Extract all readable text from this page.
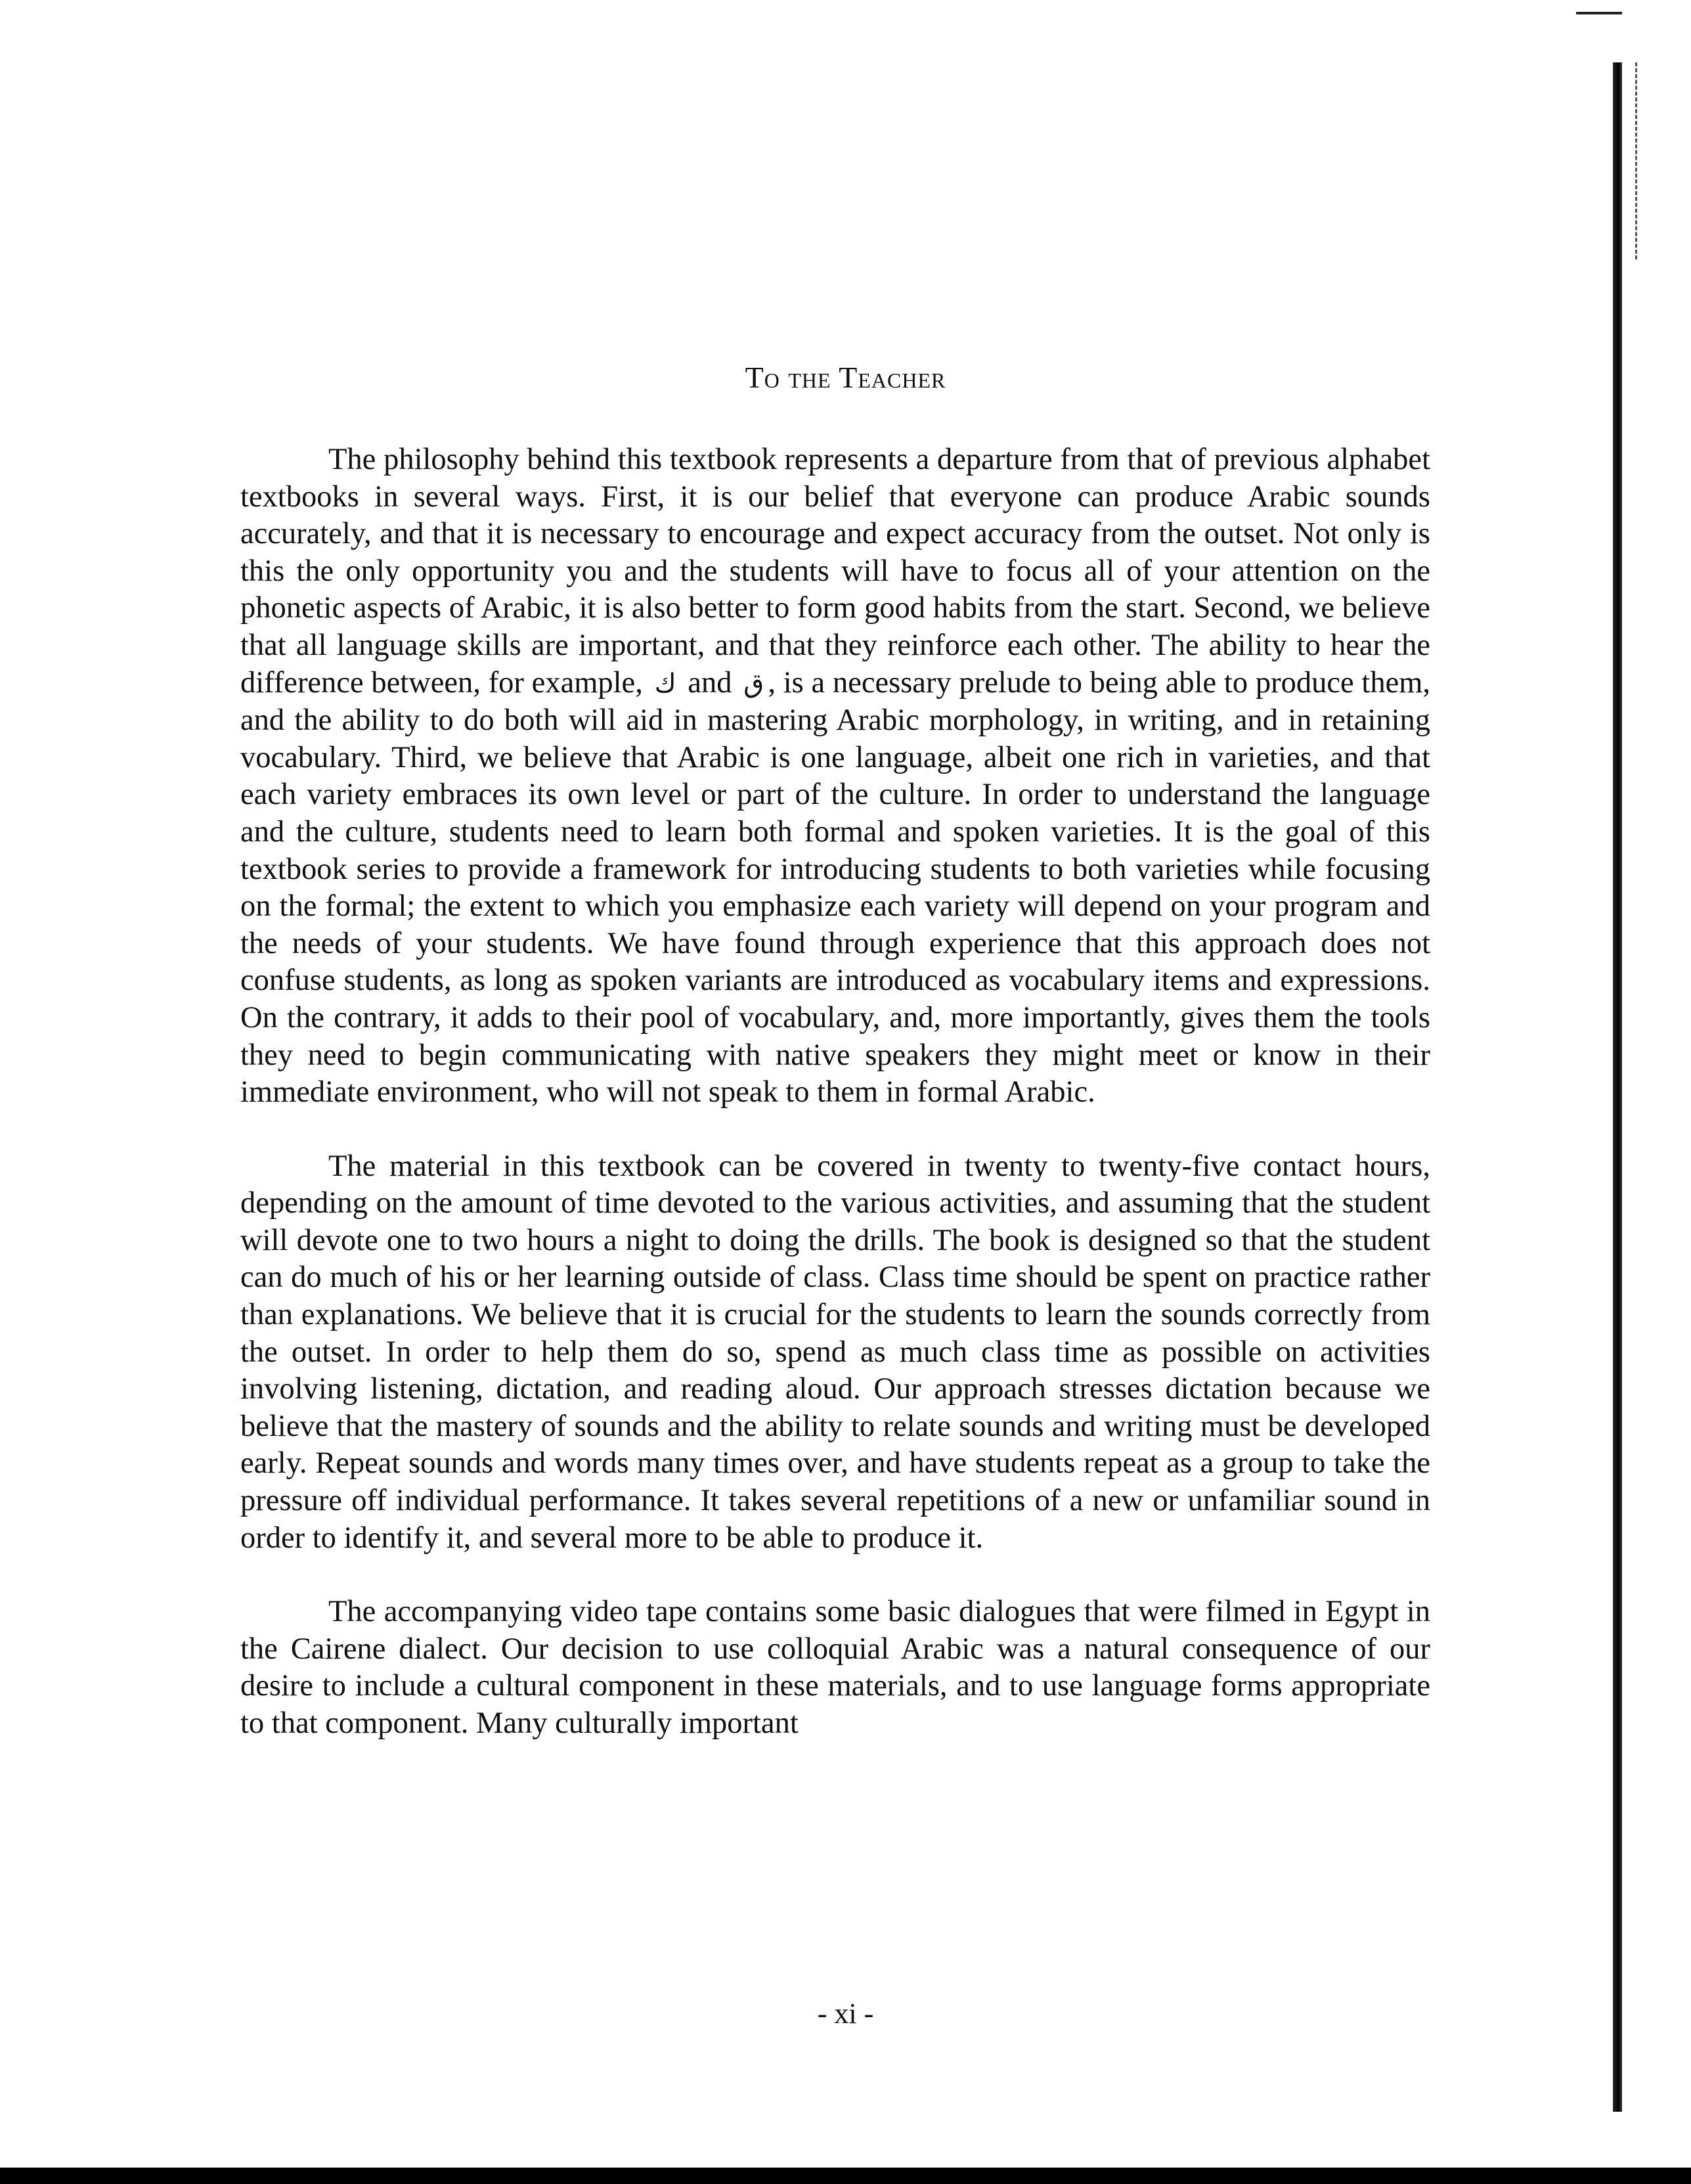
To the Teacher

The philosophy behind this textbook represents a departure from that of previous alphabet textbooks in several ways. First, it is our belief that everyone can produce Arabic sounds accurately, and that it is necessary to encourage and expect accuracy from the outset. Not only is this the only opportunity you and the students will have to focus all of your attention on the phonetic aspects of Arabic, it is also better to form good habits from the start. Second, we believe that all language skills are important, and that they reinforce each other. The ability to hear the difference between, for example, ك and ق , is a necessary prelude to being able to produce them, and the ability to do both will aid in mastering Arabic morphology, in writing, and in retaining vocabulary. Third, we believe that Arabic is one language, albeit one rich in varieties, and that each variety embraces its own level or part of the culture. In order to understand the language and the culture, students need to learn both formal and spoken varieties. It is the goal of this textbook series to provide a framework for introducing students to both varieties while focusing on the formal; the extent to which you emphasize each variety will depend on your program and the needs of your students. We have found through experience that this approach does not confuse students, as long as spoken variants are introduced as vocabulary items and expressions. On the contrary, it adds to their pool of vocabulary, and, more importantly, gives them the tools they need to begin communicating with native speakers they might meet or know in their immediate environment, who will not speak to them in formal Arabic.

The material in this textbook can be covered in twenty to twenty-five contact hours, depending on the amount of time devoted to the various activities, and assuming that the student will devote one to two hours a night to doing the drills. The book is designed so that the student can do much of his or her learning outside of class. Class time should be spent on practice rather than explanations. We believe that it is crucial for the students to learn the sounds correctly from the outset. In order to help them do so, spend as much class time as possible on activities involving listening, dictation, and reading aloud. Our approach stresses dictation because we believe that the mastery of sounds and the ability to relate sounds and writing must be developed early. Repeat sounds and words many times over, and have students repeat as a group to take the pressure off individual performance. It takes several repetitions of a new or unfamiliar sound in order to identify it, and several more to be able to produce it.

The accompanying video tape contains some basic dialogues that were filmed in Egypt in the Cairene dialect. Our decision to use colloquial Arabic was a natural consequence of our desire to include a cultural component in these materials, and to use language forms appropriate to that component. Many culturally important

- xi -
